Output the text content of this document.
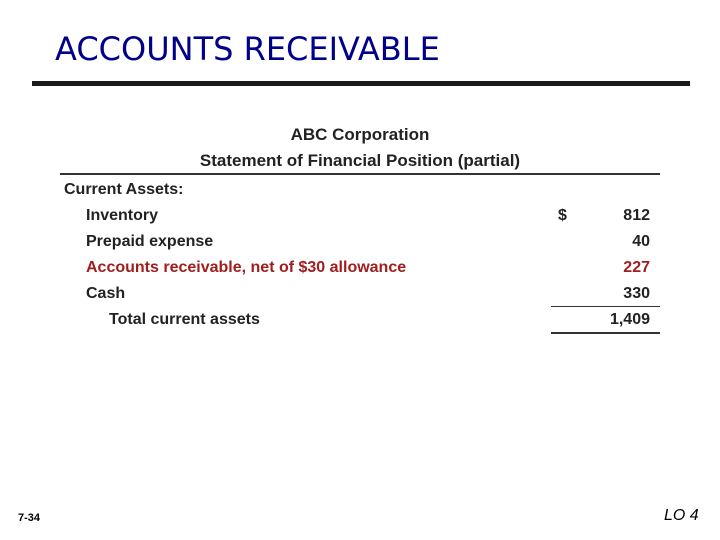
ACCOUNTS RECEIVABLE
ABC Corporation
Statement of Financial Position (partial)
Current Assets:
Inventory	$	812
Prepaid expense	40
Accounts receivable, net of $30 allowance	227
Cash	330
Total current assets	1,409
7-34	LO 4
